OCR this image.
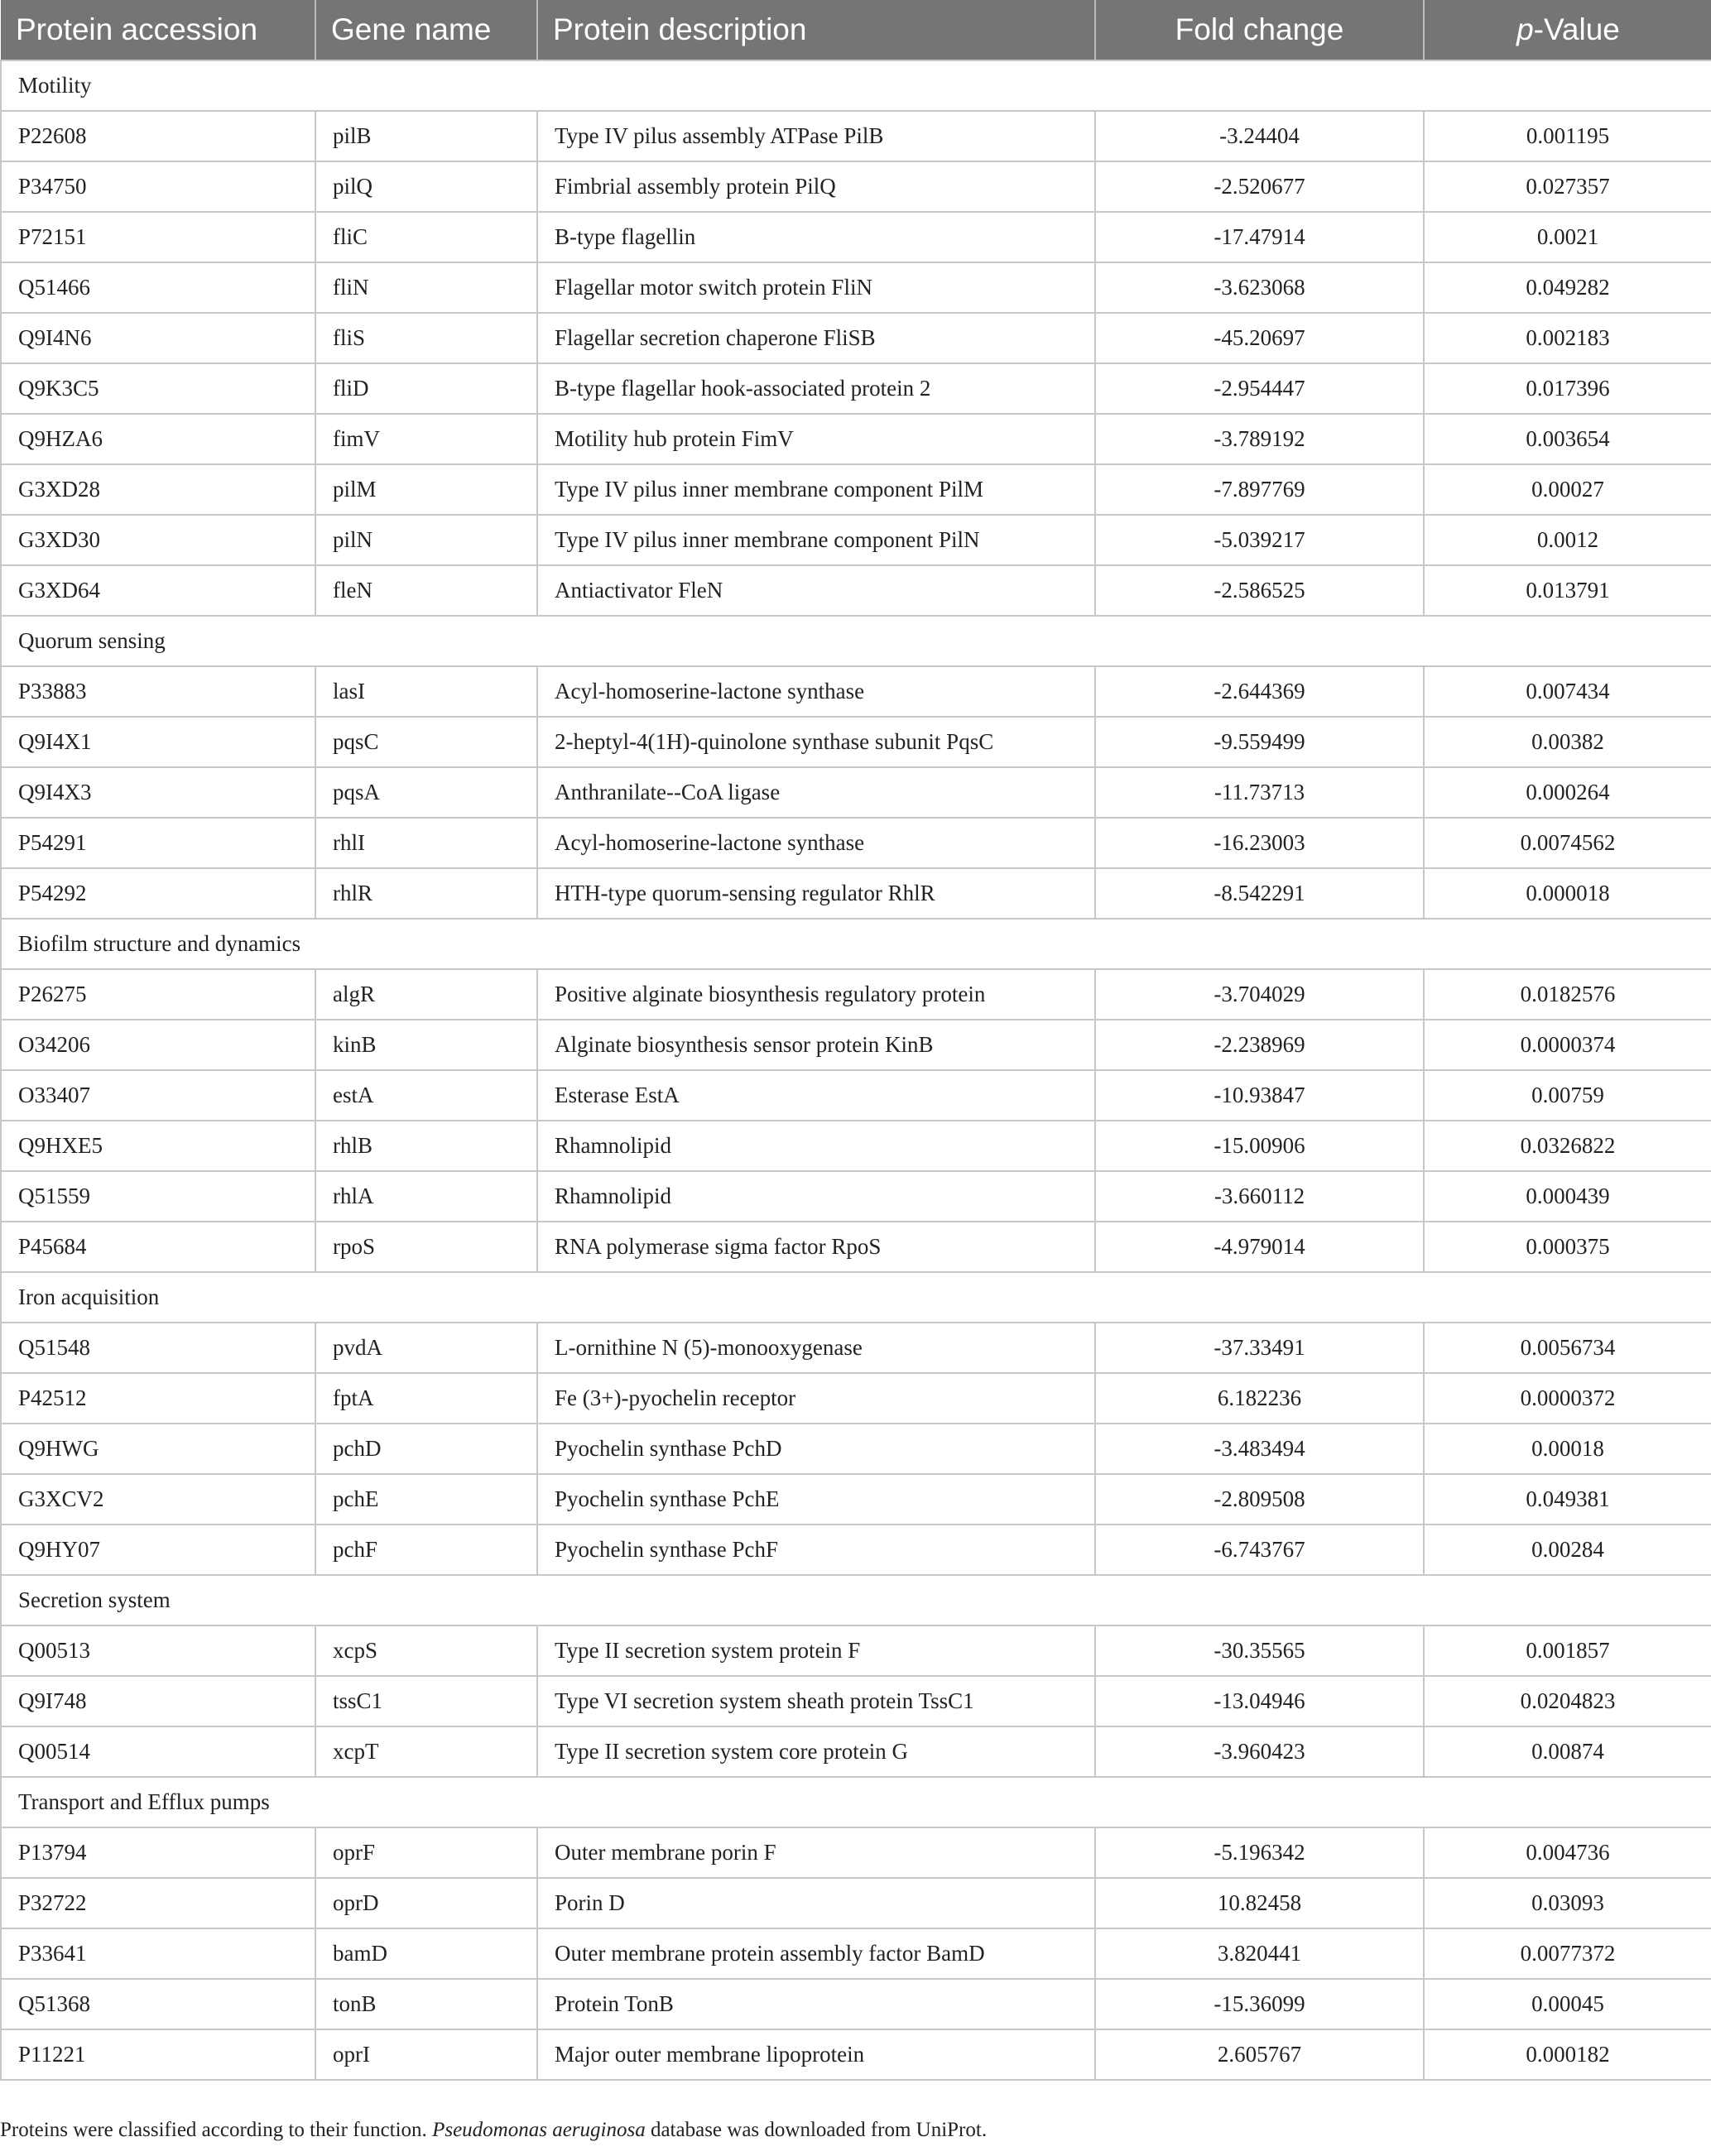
Protein accession	Gene name	Protein description	Fold change	p-Value
Motility				
P22608	pilB	Type IV pilus assembly ATPase PilB	-3.24404	0.001195
P34750	pilQ	Fimbrial assembly protein PilQ	-2.520677	0.027357
P72151	fliC	B-type flagellin	-17.47914	0.0021
Q51466	fliN	Flagellar motor switch protein FliN	-3.623068	0.049282
Q9I4N6	fliS	Flagellar secretion chaperone FliSB	-45.20697	0.002183
Q9K3C5	fliD	B-type flagellar hook-associated protein 2	-2.954447	0.017396
Q9HZA6	fimV	Motility hub protein FimV	-3.789192	0.003654
G3XD28	pilM	Type IV pilus inner membrane component PilM	-7.897769	0.00027
G3XD30	pilN	Type IV pilus inner membrane component PilN	-5.039217	0.0012
G3XD64	fleN	Antiactivator FleN	-2.586525	0.013791
Quorum sensing				
P33883	lasI	Acyl-homoserine-lactone synthase	-2.644369	0.007434
Q9I4X1	pqsC	2-heptyl-4(1H)-quinolone synthase subunit PqsC	-9.559499	0.00382
Q9I4X3	pqsA	Anthranilate--CoA ligase	-11.73713	0.000264
P54291	rhlI	Acyl-homoserine-lactone synthase	-16.23003	0.0074562
P54292	rhlR	HTH-type quorum-sensing regulator RhlR	-8.542291	0.000018
Biofilm structure and dynamics				
P26275	algR	Positive alginate biosynthesis regulatory protein	-3.704029	0.0182576
O34206	kinB	Alginate biosynthesis sensor protein KinB	-2.238969	0.0000374
O33407	estA	Esterase EstA	-10.93847	0.00759
Q9HXE5	rhlB	Rhamnolipid	-15.00906	0.0326822
Q51559	rhlA	Rhamnolipid	-3.660112	0.000439
P45684	rpoS	RNA polymerase sigma factor RpoS	-4.979014	0.000375
Iron acquisition				
Q51548	pvdA	L-ornithine N (5)-monooxygenase	-37.33491	0.0056734
P42512	fptA	Fe (3+)-pyochelin receptor	6.182236	0.0000372
Q9HWG	pchD	Pyochelin synthase PchD	-3.483494	0.00018
G3XCV2	pchE	Pyochelin synthase PchE	-2.809508	0.049381
Q9HY07	pchF	Pyochelin synthase PchF	-6.743767	0.00284
Secretion system				
Q00513	xcpS	Type II secretion system protein F	-30.35565	0.001857
Q9I748	tssC1	Type VI secretion system sheath protein TssC1	-13.04946	0.0204823
Q00514	xcpT	Type II secretion system core protein G	-3.960423	0.00874
Transport and Efflux pumps				
P13794	oprF	Outer membrane porin F	-5.196342	0.004736
P32722	oprD	Porin D	10.82458	0.03093
P33641	bamD	Outer membrane protein assembly factor BamD	3.820441	0.0077372
Q51368	tonB	Protein TonB	-15.36099	0.00045
P11221	oprI	Major outer membrane lipoprotein	2.605767	0.000182
Proteins were classified according to their function. Pseudomonas aeruginosa database was downloaded from UniProt.
